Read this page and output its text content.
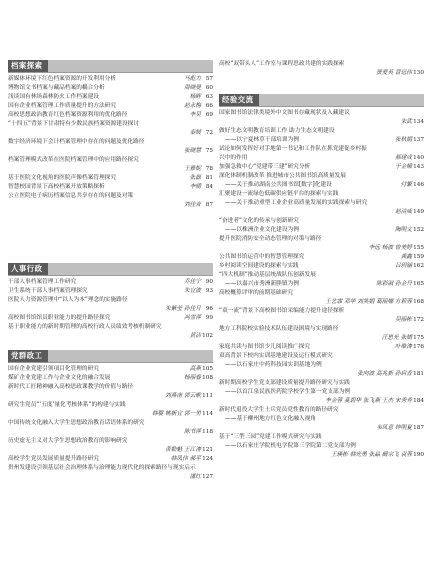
档案探索
新媒体环境下红色档案资源的开发利用分析	马彪力 57
博物馆文书档案与藏品档案的耦合分析	周晓曼 60
浅谈国有林场森林防火工作档案建设	杨眸 63
国有企业档案管理工作质量提升的方法研究	赵永梅 66
高校思想政治教育红色档案资源利用的优化路径	李吴 69
“十四五”背景下甘肃特有少数民族档案资源建设探讨
秦媛 72
数字经济环境下会计档案管理中存在的问题及优化路径
张晓慧 75
档案管理模式改革在医院档案管理中的应用路径探究
王雅妮 78
基于医院文化视角的医院声像档案管理探究	张磊 81
智慧校园背景下高校档案开放策略探析	李晴 84
公立医院电子病历档案信息共享存在的问题及对策
刘佳音 87
人事行政
干部人事档案管理工作研究	乔佳宁 90
卫生系统干部人事档案管理探究	朱宜波 93
医院人力资源管理中“以人为本”理念的实施路径
朱紫莹 孙佳月 96
高校图书馆馆员职业能力的提升路径探究	冯雪萍 99
基于职业能力的新时期管理的高校行政人员绩效考核机制研究
黄洁 102
党群政工
国有企业党建引领项目化管理的研究	高燕 105
煤矿企业党建工作与企业文化的融合发展	杨丽春 108
新时代工匠精神融入高校思政课教学的价值与路径
刘燕南 郭云歌 111
研究生党员“‘五度’量化考核体系”的构建与实践
韩婴 姚新宜 郭一男 114
中国传统文化融入大学生思想政治教育话语体系的研究
陈书萍 118
历史虚无主义对大学生思想政治教育的影响研究
黄勒魁 王江涛 121
高校学生党员发展质量提升路径研究	韩凤伟 郝平 124
贵州发建设引领基层社会治理体系与治理能力现代化的探索路径与现实启示
潘红 127
高校“双带头人”工作室与课程思政共建的实践探索
贺爱英 晋远伟 130
经验交流
国家图书馆法律类境外中文图书存藏现状及入藏建议
朱武 134
做好生态文明教育培训工作 助力生态文明建设
——以宁夏林草干部培训为例	张秋娟 137
试论如何发挥好对手地第一书记和工作队在抓党建促乡村振
兴中的作用	郝建成 140
加强急救中心“党建带三建”研究分析	于金娥 143
深化体制机制改革 推进城市公共图书馆高质量发展
——关于推动湖南公共图书馆[数字]化建设	付繁 146
汇聚建设一流绿色低碳供应链平台的探索与实践
——关于推动重型工业企业高质量发展的实践探索与研究
赵洁威 149
“奋进者”文化的传承与创新研究
——以株洲企业文化建设为例	陶明文 152
提升医院消防安全动态管理的对策与路径
李远 杨波 曾美婷 155
公共图书馆运营中的智慧管理探究	龚鑫 159
乡村阅读空间建设的探索与实践	吕玥涵 162
“四大机制”推动基层统战队伍创新发展
——以嘉兴市秀洲新塍镇为例	陈彩淑 孙金丹 165
高校概算评审的前期基础研究
王艺霏 邓华 刘笑娟 葛丽娜 方莉蓉 168
“双一流”背景下高校图书馆采编能力提升途径探析
吴丽彬 172
地方工科院校实验技术队伍建设困境与实现路径
汪思光 张婧 175
家庭共读与图书馆少儿阅读推广探究	叶维涛 176
双高背景下校内实训基地建设及运行模式研究
——以石家庄中药科技园实训基地为例
张向波 高兆新 孙启香 181
新时期高校学生党支部建设质量提升路径研究与实践
——以首江泉民族医药院学校学生第一党支部为例
李金蓉 莫碧华 张飞燕 王杰 宋秀秀 184
新时代退役大学生士兵党员党性教育的路径研究
——基于柳州地方红色文化融入视角
韦凤意 钟明夏 187
基于“三型三园”党建工作模式研究与实践
——以石家庄学院机电学院第三学院第二党支部为例
王瑛彬 韩光勇 张晶 阚宗飞 袁蓉 190
